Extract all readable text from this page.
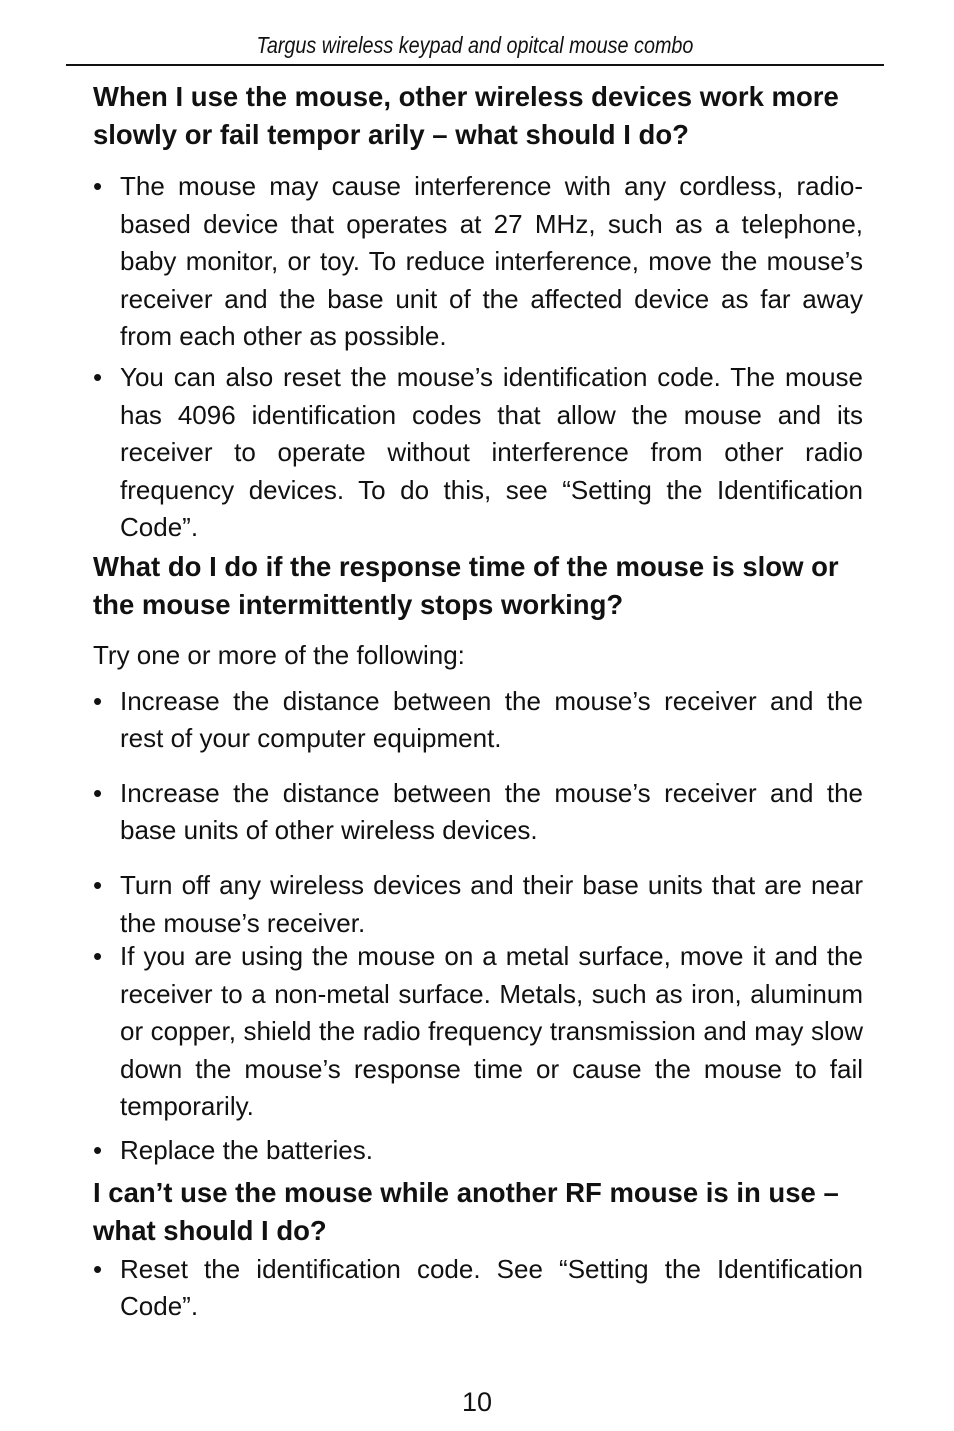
Targus wireless keypad and opitcal mouse combo
When I use the mouse, other wireless devices work more slowly or fail tempor arily – what should I do?
• The mouse may cause interference with any cordless, radio-based device that operates at 27 MHz, such as a telephone, baby monitor, or toy. To reduce interference, move the mouse’s receiver and the base unit of the affected device as far away from each other as possible.
• You can also reset the mouse’s identification code. The mouse has 4096 identification codes that allow the mouse and its receiver to operate without interference from other radio frequency devices. To do this, see “Setting the Identification Code”.
What do I do if the response time of the mouse is slow or the mouse intermittently stops working?

Try one or more of the following:

• Increase the distance between the mouse’s receiver and the rest of your computer equipment.
• Increase the distance between the mouse’s receiver and the base units of other wireless devices.
• Turn off any wireless devices and their base units that are near the mouse’s receiver.
• If you are using the mouse on a metal surface, move it and the receiver to a non-metal surface. Metals, such as iron, aluminum or copper, shield the radio frequency transmission and may slow down the mouse’s response time or cause the mouse to fail temporarily.
• Replace the batteries.
I can’t use the mouse while another RF mouse is in use – what should I do?
• Reset the identification code. See “Setting the Identification Code”.
10
